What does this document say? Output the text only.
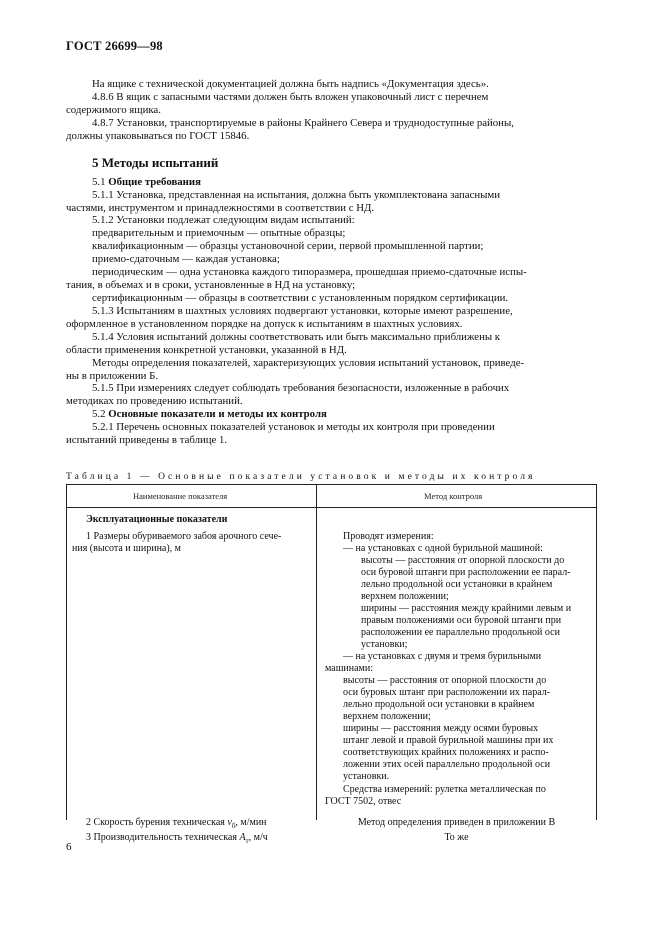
ГОСТ 26699—98
На ящике с технической документацией должна быть надпись «Документация здесь».
4.8.6 В ящик с запасными частями должен быть вложен упаковочный лист с перечнем
содержимого ящика.
4.8.7 Установки, транспортируемые в районы Крайнего Севера и труднодоступные районы,
должны упаковываться по ГОСТ 15846.
5.1.1 Установка, представленная на испытания, должна быть укомплектована запасными
частями, инструментом и принадлежностями в соответствии с НД.
5.1.2 Установки подлежат следующим видам испытаний:
предварительным и приемочным — опытные образцы;
квалификационным — образцы установочной серии, первой промышленной партии;
приемо-сдаточным — каждая установка;
периодическим — одна установка каждого типоразмера, прошедшая приемо-сдаточные испы-
тания, в объемах и в сроки, установленные в НД на установку;
сертификационным — образцы в соответствии с установленным порядком сертификации.
5.1.3 Испытаниям в шахтных условиях подвергают установки, которые имеют разрешение,
оформленное в установленном порядке на допуск к испытаниям в шахтных условиях.
5.1.4 Условия испытаний должны соответствовать или быть максимально приближены к
области применения конкретной установки, указанной в НД.
Методы определения показателей, характеризующих условия испытаний установок, приведе-
ны в приложении Б.
5.1.5 При измерениях следует соблюдать требования безопасности, изложенные в рабочих
методиках по проведению испытаний.
5.2.1 Перечень основных показателей установок и методы их контроля при проведении
испытаний приведены в таблице 1.
5 Методы испытаний
5.1 Общие требования
5.2 Основные показатели и методы их контроля
Таблица 1 — Основные показатели установок и методы их контроля
Наименование показателя	Метод контроля
Эксплуатационные показатели
1 Размеры обуриваемого забоя арочного сече-
ния (высота и ширина), м
Проводят измерения:
— на установках с одной бурильной машиной:
высоты — расстояния от опорной плоскости до
оси буровой штанги при расположении ее парал-
лельно продольной оси установки в крайнем
верхнем положении;
ширины — расстояния между крайними левым и
правым положениями оси буровой штанги при
расположении ее параллельно продольной оси
установки;
— на установках с двумя и тремя бурильными
машинами:
высоты — расстояния от опорной плоскости до
оси буровых штанг при расположении их парал-
лельно продольной оси установки в крайнем
верхнем положении;
ширины — расстояния между осями буровых
штанг левой и правой бурильной машины при их
соответствующих крайних положениях и распо-
ложении этих осей параллельно продольной оси
установки.
Средства измерений: рулетка металлическая по
ГОСТ 7502, отвес
2 Скорость бурения техническая $v_б$, м/мин	Метод определения приведен в приложении В
3 Производительность техническая $A_т$, м/ч	То же
6
